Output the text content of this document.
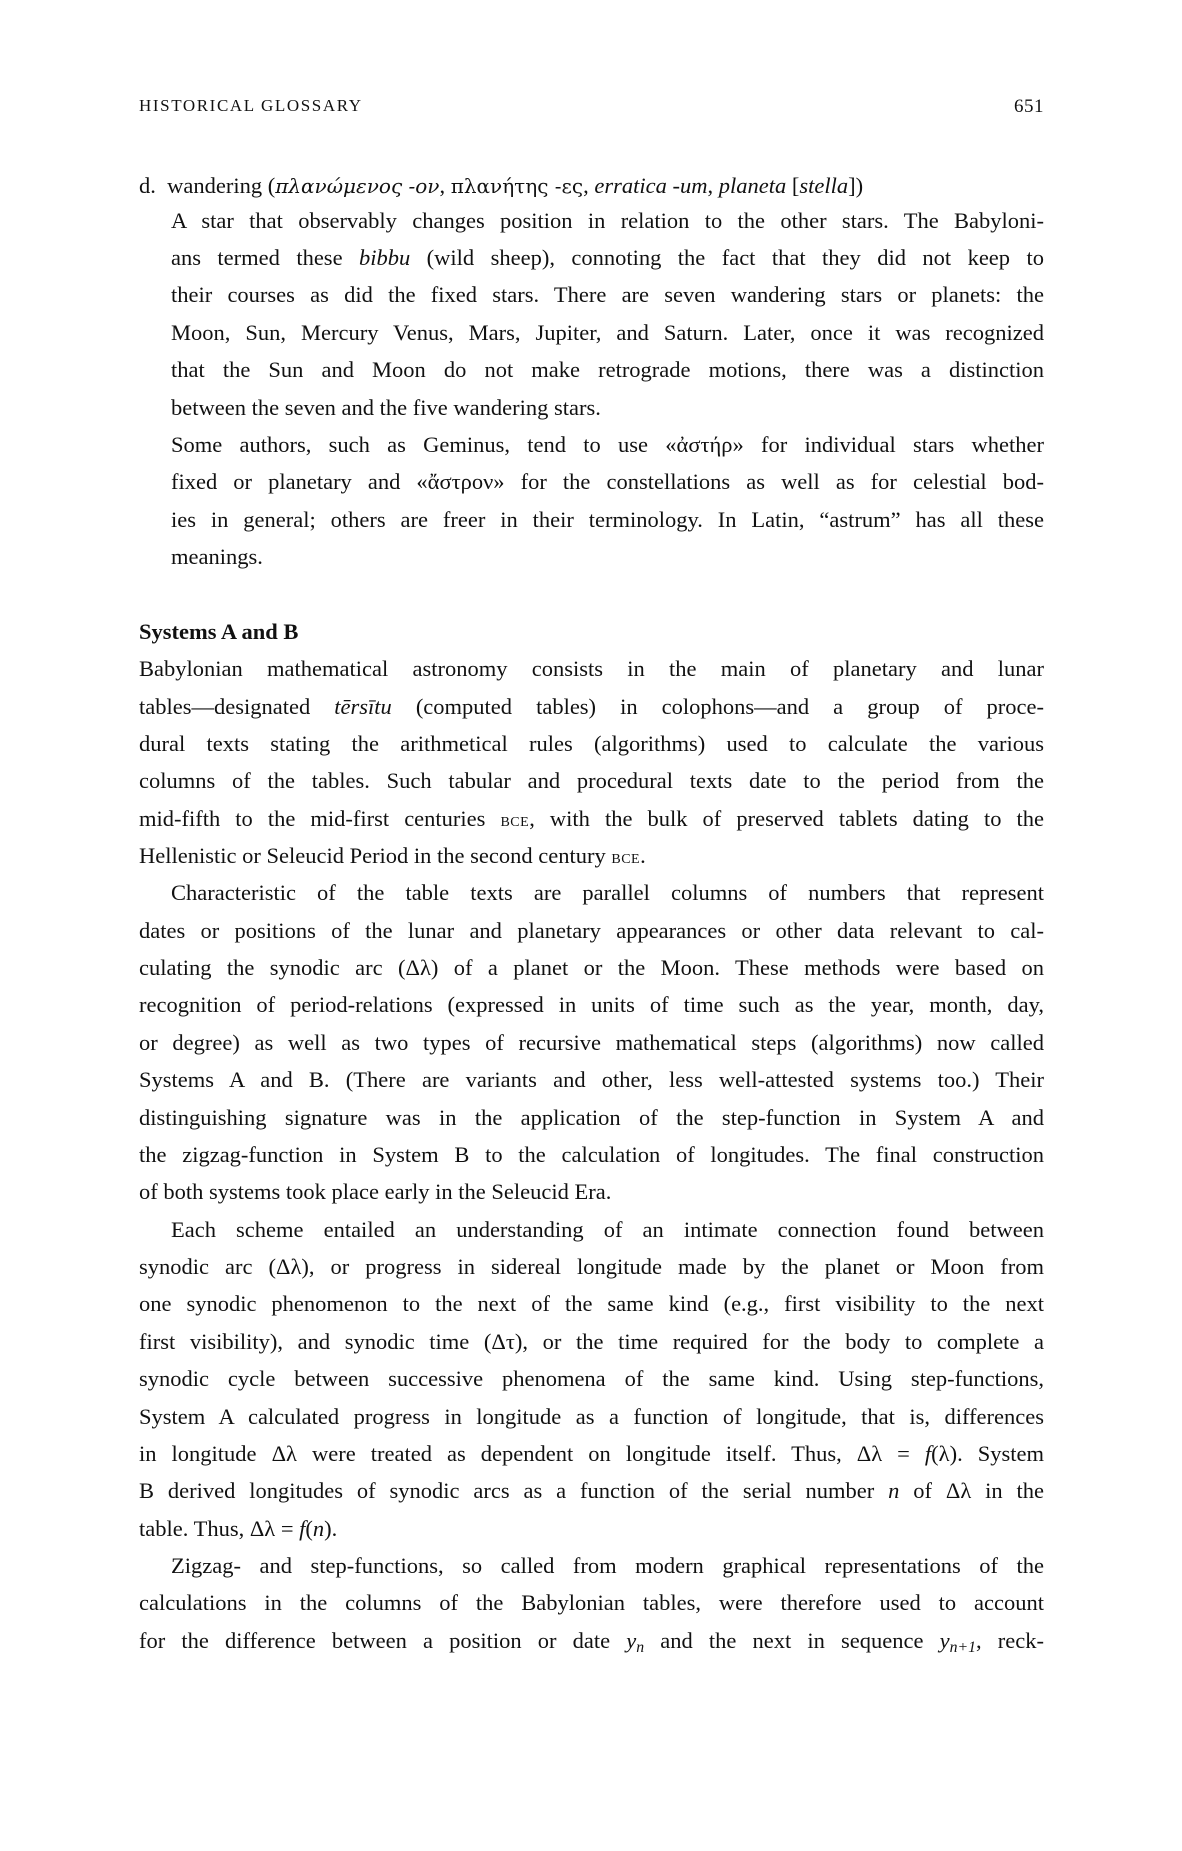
HISTORICAL GLOSSARY	651
d. wandering (πλανώμενος -ον, πλανήτης -ες, erratica -um, planeta [stella])
A star that observably changes position in relation to the other stars. The Babyloni-
ans termed these bibbu (wild sheep), connoting the fact that they did not keep to
their courses as did the fixed stars. There are seven wandering stars or planets: the
Moon, Sun, Mercury Venus, Mars, Jupiter, and Saturn. Later, once it was recognized
that the Sun and Moon do not make retrograde motions, there was a distinction
between the seven and the five wandering stars.
Some authors, such as Geminus, tend to use «ἀστήρ» for individual stars whether
fixed or planetary and «ἄστρον» for the constellations as well as for celestial bod-
ies in general; others are freer in their terminology. In Latin, “astrum” has all these
meanings.
Systems A and B
Babylonian mathematical astronomy consists in the main of planetary and lunar
tables—designated tērsītu (computed tables) in colophons—and a group of proce-
dural texts stating the arithmetical rules (algorithms) used to calculate the various
columns of the tables. Such tabular and procedural texts date to the period from the
mid-fifth to the mid-first centuries bce, with the bulk of preserved tablets dating to the
Hellenistic or Seleucid Period in the second century bce.
Characteristic of the table texts are parallel columns of numbers that represent
dates or positions of the lunar and planetary appearances or other data relevant to cal-
culating the synodic arc (Δλ) of a planet or the Moon. These methods were based on
recognition of period-relations (expressed in units of time such as the year, month, day,
or degree) as well as two types of recursive mathematical steps (algorithms) now called
Systems A and B. (There are variants and other, less well-attested systems too.) Their
distinguishing signature was in the application of the step-function in System A and
the zigzag-function in System B to the calculation of longitudes. The final construction
of both systems took place early in the Seleucid Era.
Each scheme entailed an understanding of an intimate connection found between
synodic arc (Δλ), or progress in sidereal longitude made by the planet or Moon from
one synodic phenomenon to the next of the same kind (e.g., first visibility to the next
first visibility), and synodic time (Δτ), or the time required for the body to complete a
synodic cycle between successive phenomena of the same kind. Using step-functions,
System A calculated progress in longitude as a function of longitude, that is, differences
in longitude Δλ were treated as dependent on longitude itself. Thus, Δλ = f(λ). System
B derived longitudes of synodic arcs as a function of the serial number n of Δλ in the
table. Thus, Δλ = f(n).
Zigzag- and step-functions, so called from modern graphical representations of the
calculations in the columns of the Babylonian tables, were therefore used to account
for the difference between a position or date $y_n$ and the next in sequence $y_{n+1}$, reck-
